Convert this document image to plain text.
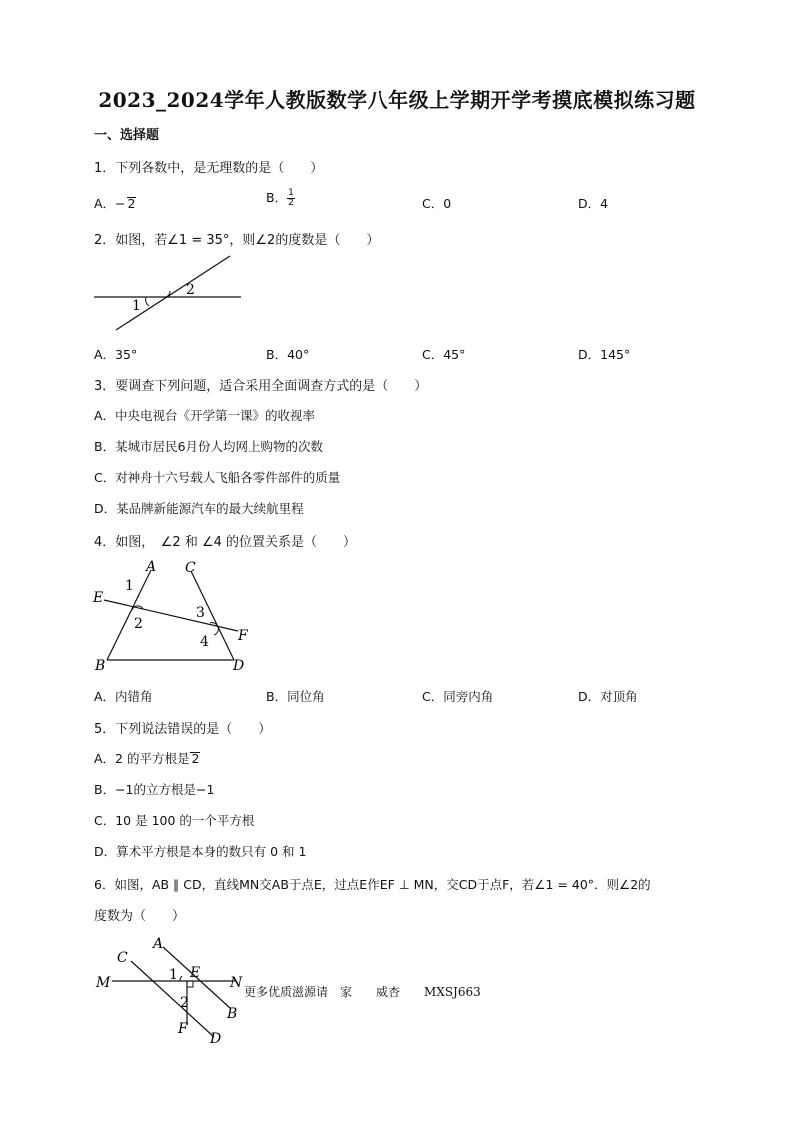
2023_2024学年人教版数学八年级上学期开学考摸底模拟练习题
一、选择题
1．下列各数中，是无理数的是（　　）
A．− 2	B． $\frac{1}{2}$	C．0	D．4
2．如图，若∠1 = 35°，则∠2的度数是（　　）
1
2
A．35°	B．40°	C．45°	D．145°
3．要调查下列问题，适合采用全面调查方式的是（　　）
A．中央电视台《开学第一课》的收视率
B．某城市居民6月份人均网上购物的次数
C．对神舟十六号载人飞船各零件部件的质量
D．某品牌新能源汽车的最大续航里程
4．如图，　∠2 和 ∠4 的位置关系是（　　）
A C
E
F
B	D
1
2
3
4
A．内错角	B．同位角	C．同旁内角	D．对顶角
5．下列说法错误的是（　　）
A．2 的平方根是 2
B．−1的立方根是−1
C．10 是 100 的一个平方根
D．算术平方根是本身的数只有 0 和 1
6．如图，AB ∥ CD，直线MN交AB于点E，过点E作EF ⊥ MN，交CD于点F，若∠1 = 40°．则∠2的
度数为（　　）
A
C
M
E
N
1
2
B
F
D
更多优质滋源请　家　　威杏　　MXSJ663
